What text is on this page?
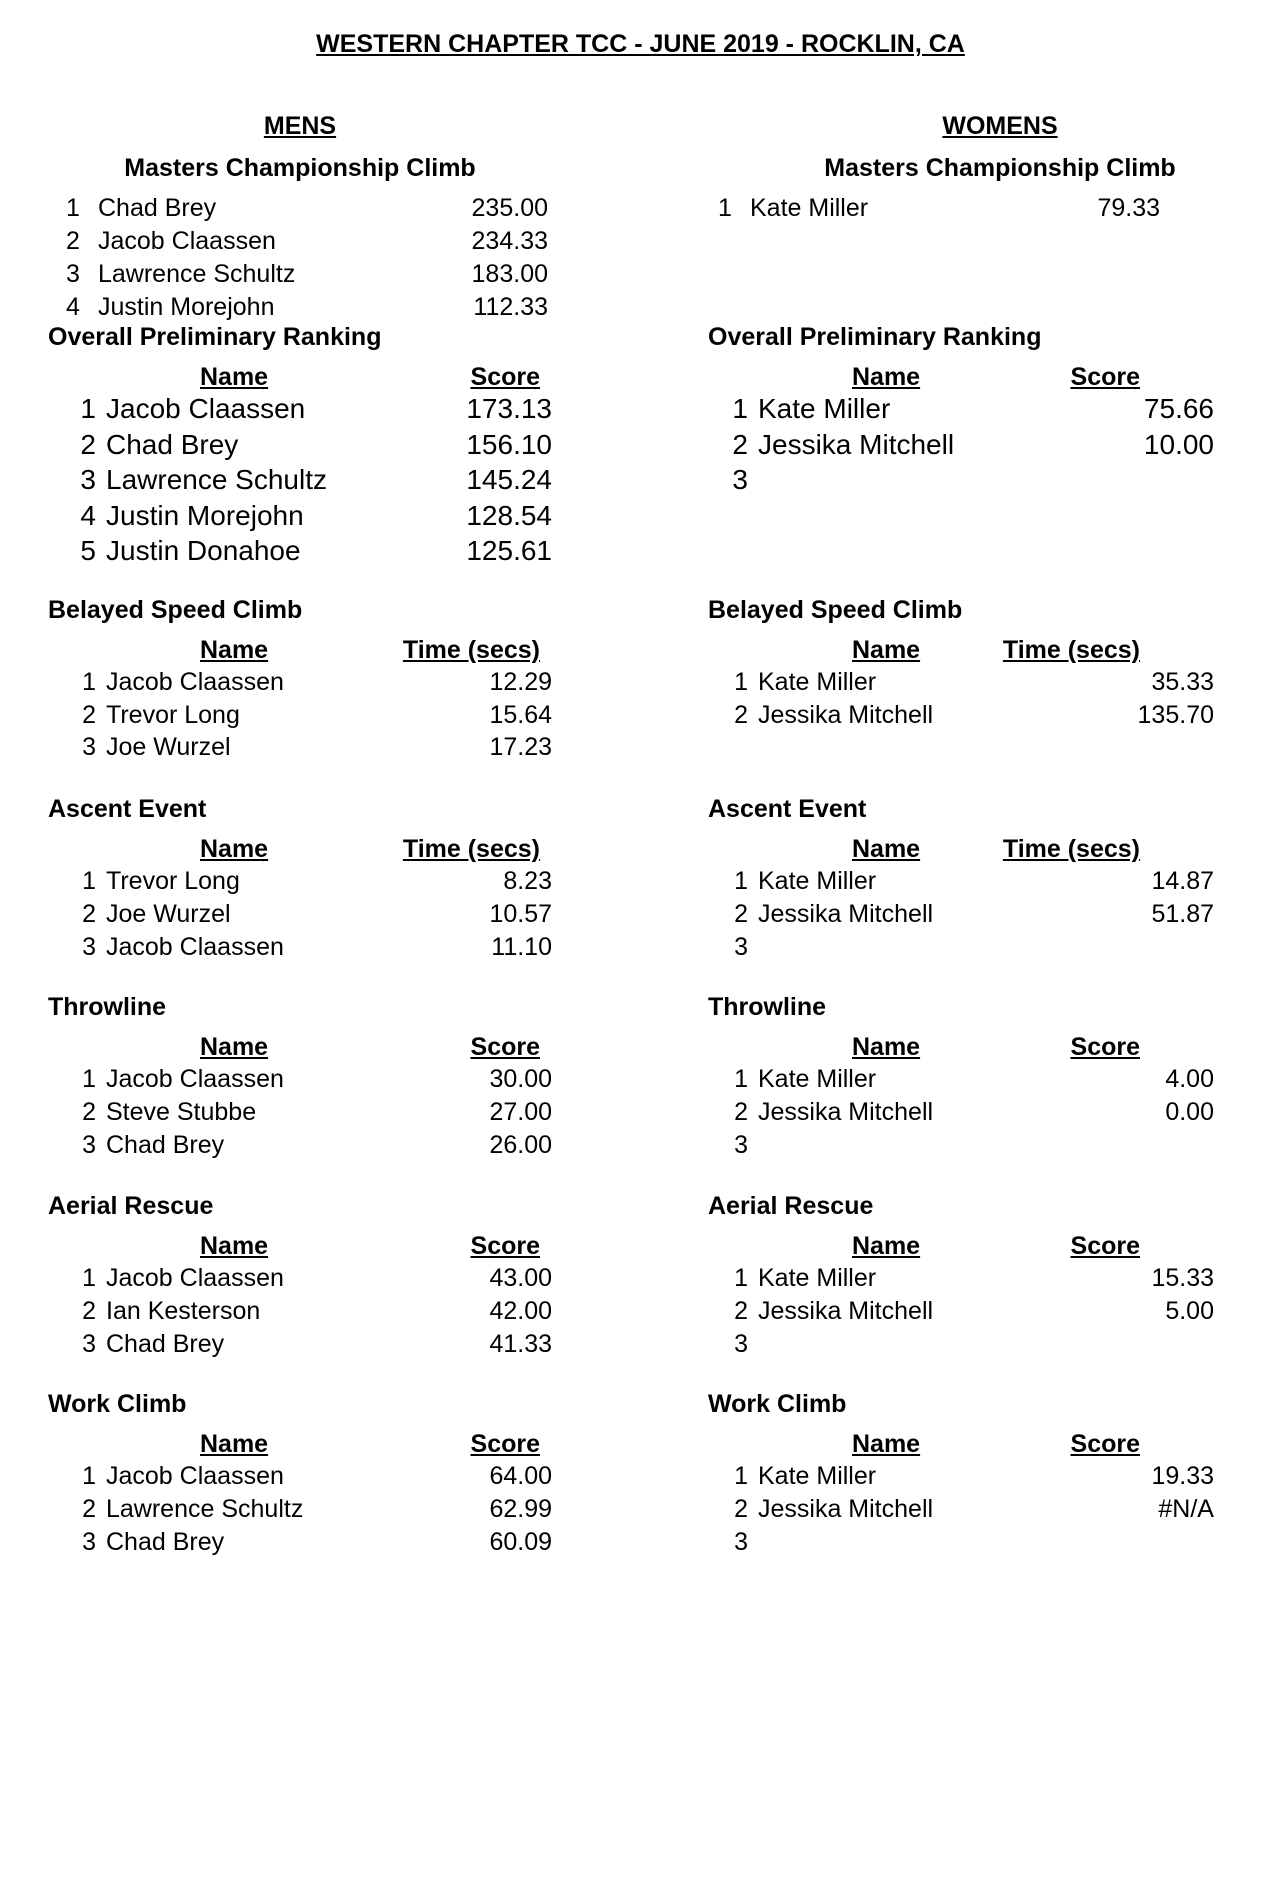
WESTERN CHAPTER TCC - JUNE 2019 - ROCKLIN, CA
MENS
Masters Championship Climb
1 Chad Brey	235.00
2 Jacob Claassen	234.33
3 Lawrence Schultz	183.00
4 Justin Morejohn	112.33
Overall Preliminary Ranking
Name	Score
1 Jacob Claassen	173.13
2 Chad Brey	156.10
3 Lawrence Schultz	145.24
4 Justin Morejohn	128.54
5 Justin Donahoe	125.61
Belayed Speed Climb
Name	Time (secs)
1 Jacob Claassen	12.29
2 Trevor Long	15.64
3 Joe Wurzel	17.23
Ascent Event
Name	Time (secs)
1 Trevor Long	8.23
2 Joe Wurzel	10.57
3 Jacob Claassen	11.10
Throwline
Name	Score
1 Jacob Claassen	30.00
2 Steve Stubbe	27.00
3 Chad Brey	26.00
Aerial Rescue
Name	Score
1 Jacob Claassen	43.00
2 Ian Kesterson	42.00
3 Chad Brey	41.33
Work Climb
Name	Score
1 Jacob Claassen	64.00
2 Lawrence Schultz	62.99
3 Chad Brey	60.09
WOMENS
Masters Championship Climb
1 Kate Miller	79.33
Overall Preliminary Ranking
Name	Score
1 Kate Miller	75.66
2 Jessika Mitchell	10.00
3
Belayed Speed Climb
Name	Time (secs)
1 Kate Miller	35.33
2 Jessika Mitchell	135.70
Ascent Event
Name	Time (secs)
1 Kate Miller	14.87
2 Jessika Mitchell	51.87
3
Throwline
Name	Score
1 Kate Miller	4.00
2 Jessika Mitchell	0.00
3
Aerial Rescue
Name	Score
1 Kate Miller	15.33
2 Jessika Mitchell	5.00
3
Work Climb
Name	Score
1 Kate Miller	19.33
2 Jessika Mitchell	#N/A
3
